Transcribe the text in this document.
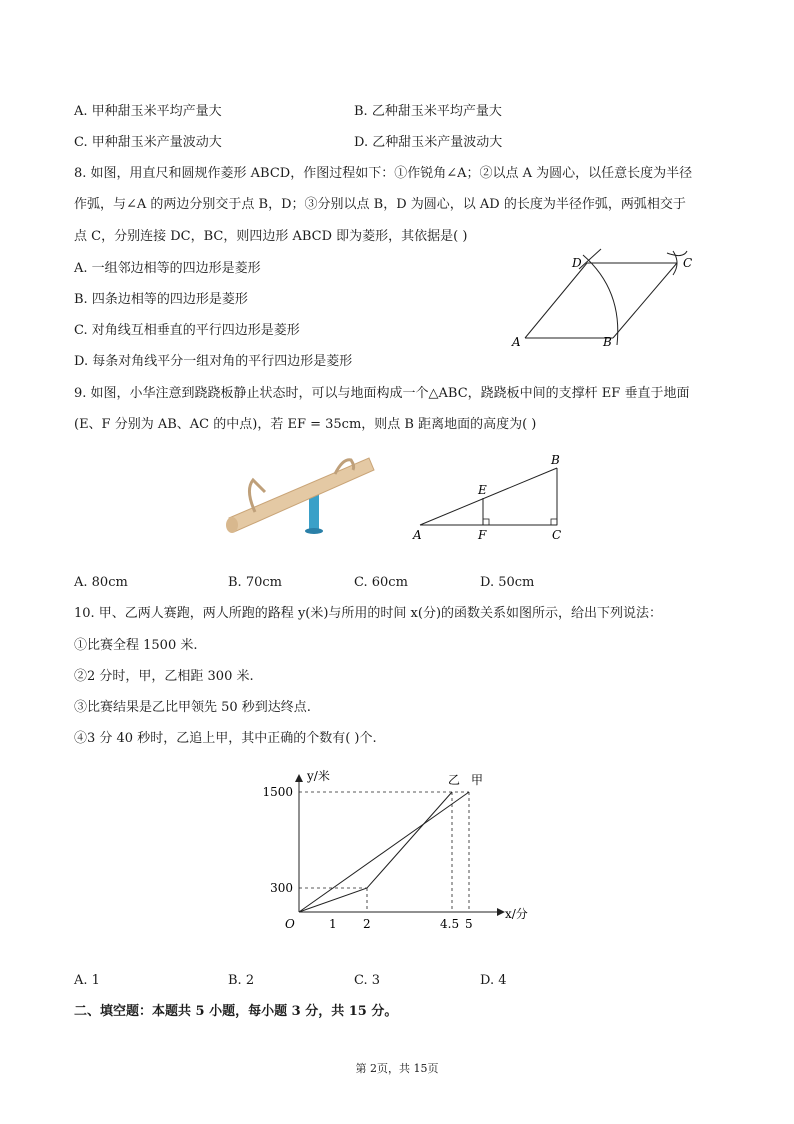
A. 甲种甜玉米平均产量大	B. 乙种甜玉米平均产量大
C. 甲种甜玉米产量波动大	D. 乙种甜玉米产量波动大
8. 如图，用直尺和圆规作菱形 ABCD，作图过程如下：①作锐角∠A；②以点 A 为圆心，以任意长度为半径
作弧，与∠A 的两边分别交于点 B，D；③分别以点 B，D 为圆心，以 AD 的长度为半径作弧，两弧相交于
点 C，分别连接 DC，BC，则四边形 ABCD 即为菱形，其依据是( )
A. 一组邻边相等的四边形是菱形
B. 四条边相等的四边形是菱形
C. 对角线互相垂直的平行四边形是菱形
D. 每条对角线平分一组对角的平行四边形是菱形
A	B
C
D
9. 如图，小华注意到跷跷板静止状态时，可以与地面构成一个△ABC，跷跷板中间的支撑杆 EF 垂直于地面
(E、F 分别为 AB、AC 的中点)，若 EF = 35cm，则点 B 距离地面的高度为( )
A	F	C
B
E
A. 80cm	B. 70cm	C. 60cm	D. 50cm
10. 甲、乙两人赛跑，两人所跑的路程 y(米)与所用的时间 x(分)的函数关系如图所示，给出下列说法：
①比赛全程 1500 米.
②2 分时，甲，乙相距 300 米.
③比赛结果是乙比甲领先 50 秒到达终点.
④3 分 40 秒时，乙追上甲，其中正确的个数有( )个.
甲
乙
1 2	4.5 5
300
1500
O
x/分
y/米
A. 1	B. 2	C. 3	D. 4
二、填空题：本题共 5 小题，每小题 3 分，共 15 分。
第 2页，共 15页
